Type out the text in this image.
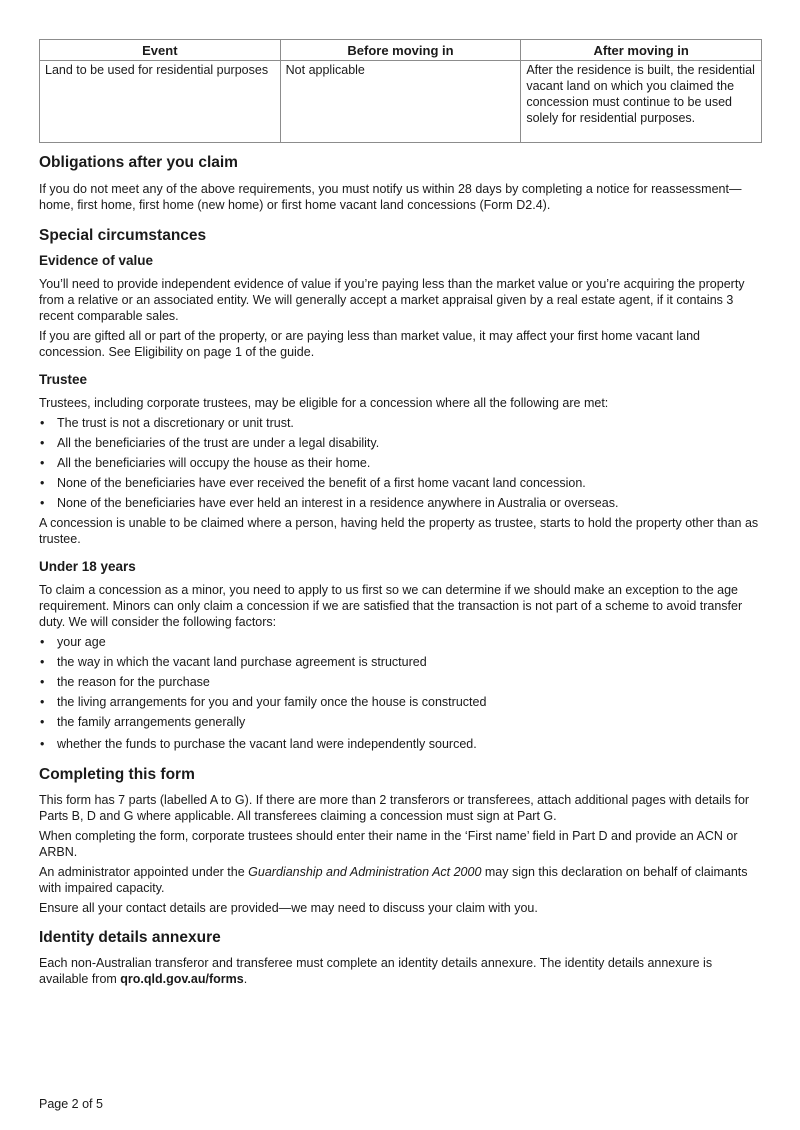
Event	Before moving in	After moving in
Land to be used for residential purposes	Not applicable	After the residence is built, the residential vacant land on which you claimed the concession must continue to be used solely for residential purposes.
Obligations after you claim

If you do not meet any of the above requirements, you must notify us within 28 days by completing a notice for reassessment—home, first home, first home (new home) or first home vacant land concessions (Form D2.4).

Special circumstances
Evidence of value

You’ll need to provide independent evidence of value if you’re paying less than the market value or you’re acquiring the property from a relative or an associated entity. We will generally accept a market appraisal given by a real estate agent, if it contains 3 recent comparable sales.

If you are gifted all or part of the property, or are paying less than market value, it may affect your first home vacant land concession. See Eligibility on page 1 of the guide.

Trustee

Trustees, including corporate trustees, may be eligible for a concession where all the following are met:

• The trust is not a discretionary or unit trust.
• All the beneficiaries of the trust are under a legal disability.
• All the beneficiaries will occupy the house as their home.
• None of the beneficiaries have ever received the benefit of a first home vacant land concession.
• None of the beneficiaries have ever held an interest in a residence anywhere in Australia or overseas.

A concession is unable to be claimed where a person, having held the property as trustee, starts to hold the property other than as trustee.

Under 18 years

To claim a concession as a minor, you need to apply to us first so we can determine if we should make an exception to the age requirement. Minors can only claim a concession if we are satisfied that the transaction is not part of a scheme to avoid transfer duty. We will consider the following factors:

• your age
• the way in which the vacant land purchase agreement is structured
• the reason for the purchase
• the living arrangements for you and your family once the house is constructed
• the family arrangements generally
• whether the funds to purchase the vacant land were independently sourced.
Completing this form

This form has 7 parts (labelled A to G). If there are more than 2 transferors or transferees, attach additional pages with details for Parts B, D and G where applicable. All transferees claiming a concession must sign at Part G.

When completing the form, corporate trustees should enter their name in the ‘First name’ field in Part D and provide an ACN or ARBN.

An administrator appointed under the Guardianship and Administration Act 2000 may sign this declaration on behalf of claimants with impaired capacity.

Ensure all your contact details are provided—we may need to discuss your claim with you.

Identity details annexure

Each non-Australian transferor and transferee must complete an identity details annexure. The identity details annexure is available from qro.qld.gov.au/forms.

Page 2 of 5
